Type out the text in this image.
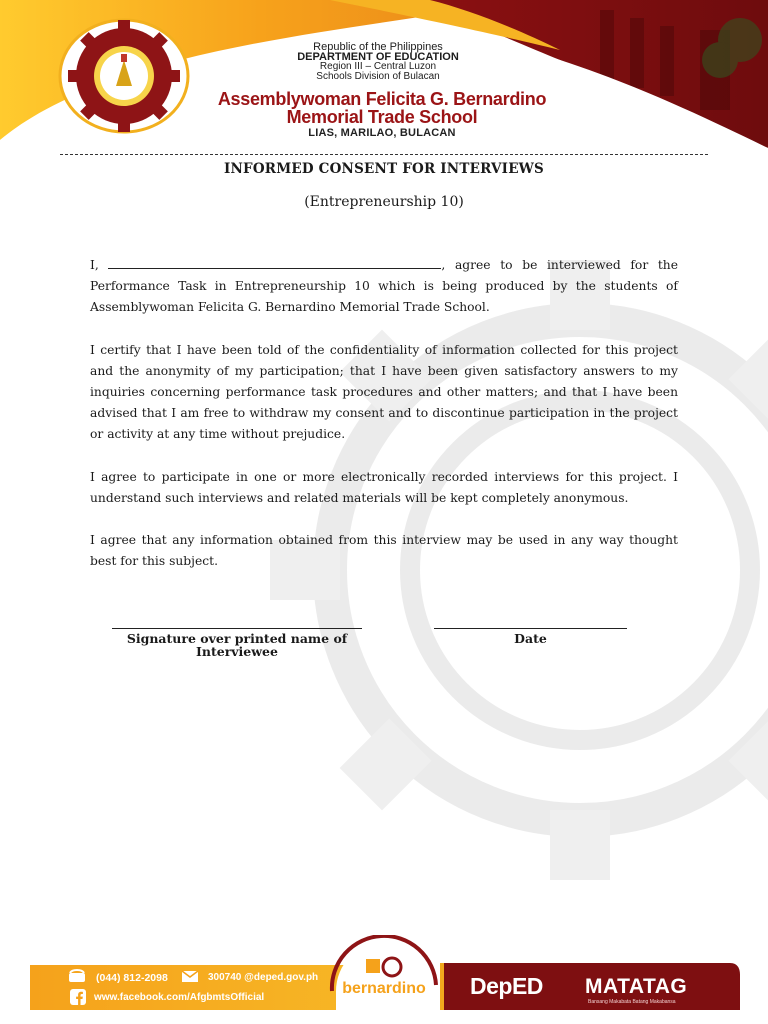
Republic of the Philippines
DEPARTMENT OF EDUCATION
Region III – Central Luzon
Schools Division of Bulacan
Assemblywoman Felicita G. Bernardino
Memorial Trade School
LIAS, MARILAO, BULACAN
INFORMED CONSENT FOR INTERVIEWS
(Entrepreneurship 10)

I,	, agree to be interviewed for the Performance Task in Entrepreneurship 10 which is being produced by the students of Assemblywoman Felicita G. Bernardino Memorial Trade School.

I certify that I have been told of the confidentiality of information collected for this project and the anonymity of my participation; that I have been given satisfactory answers to my inquiries concerning performance task procedures and other matters; and that I have been advised that I am free to withdraw my consent and to discontinue participation in the project or activity at any time without prejudice.

I agree to participate in one or more electronically recorded interviews for this project. I understand such interviews and related materials will be kept completely anonymous.

I agree that any information obtained from this interview may be used in any way thought best for this subject.

Signature over printed name of
Interviewee
Date
(044) 812-2098	300740 @deped.gov.ph
www.facebook.com/AfgbmtsOfficial
bernardino DepED MATATAG
Bansang Makabata Batang Makabansa
